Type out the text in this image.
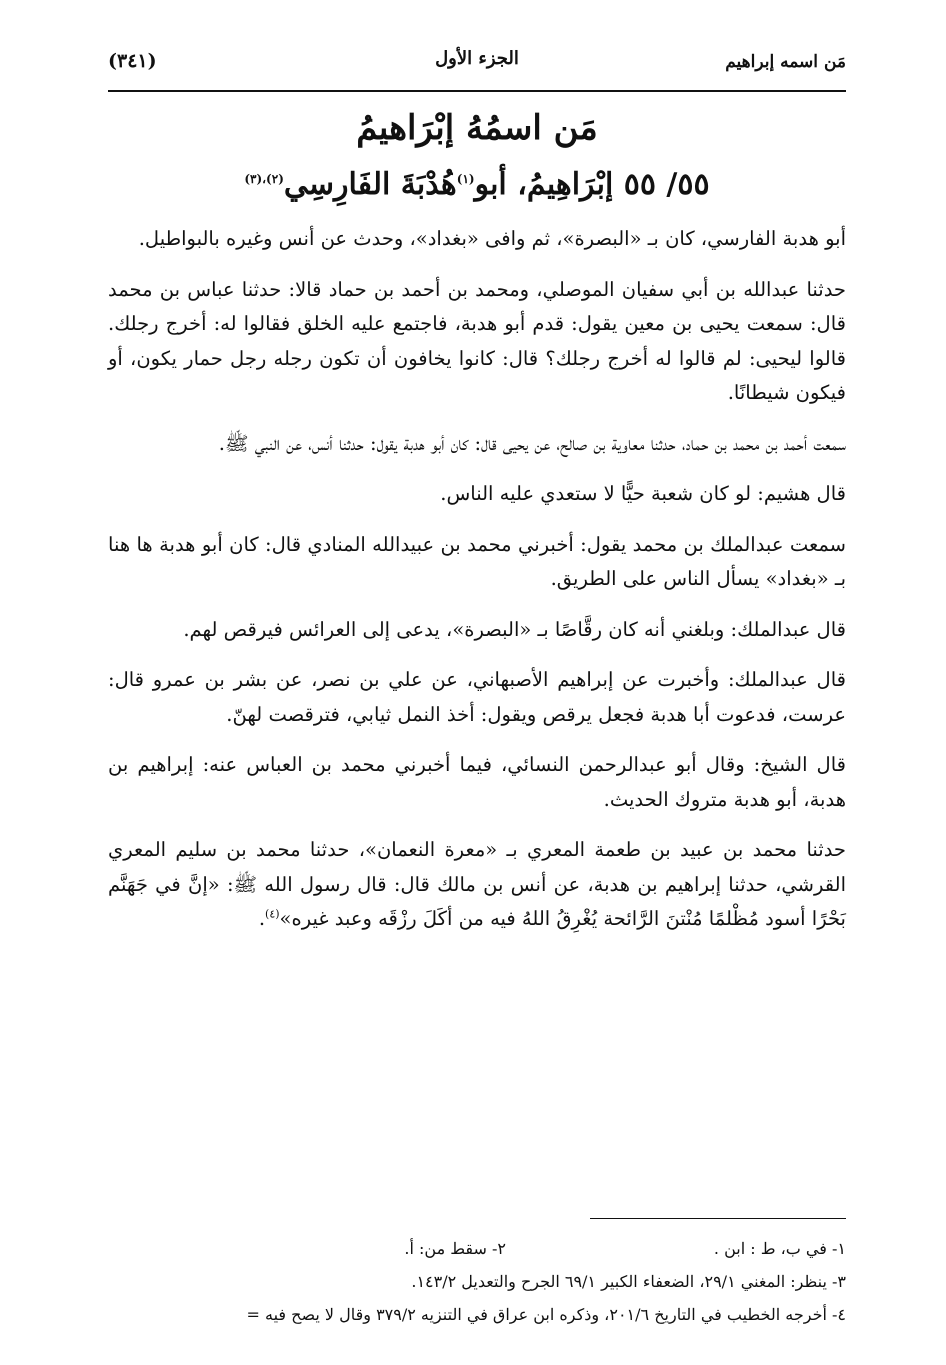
مَن اسمه إبراهيم
الجزء الأول
(٣٤١)
مَن اسمُهُ إبْرَاهيمُ
٥٥/ ٥٥ إبْرَاهِيمُ، أبو$^{(١)}$هُدْبَةَ الفَارِسِي$^{(٢)،(٣)}$

أبو هدبة الفارسي، كان بـ «البصرة»، ثم وافى «بغداد»، وحدث عن أنس وغيره بالبواطيل.

حدثنا عبدالله بن أبي سفيان الموصلي، ومحمد بن أحمد بن حماد قالا: حدثنا عباس بن محمد قال: سمعت يحيى بن معين يقول: قدم أبو هدبة، فاجتمع عليه الخلق فقالوا له: أخرج رجلك. قالوا ليحيى: لم قالوا له أخرج رجلك؟ قال: كانوا يخافون أن تكون رجله رجل حمار يكون، أو فيكون شيطانًا.

سمعت أحمد بن محمد بن حماد، حدثنا معاوية بن صالح، عن يحيى قال: كان أبو هدبة يقول: حدثنا أنس، عن النبي ﷺ.

قال هشيم: لو كان شعبة حيًّا لا ستعدي عليه الناس.

سمعت عبدالملك بن محمد يقول: أخبرني محمد بن عبيدالله المنادي قال: كان أبو هدبة ها هنا بـ «بغداد» يسأل الناس على الطريق.

قال عبدالملك: وبلغني أنه كان رقَّاصًا بـ «البصرة»، يدعى إلى العرائس فيرقص لهم.

قال عبدالملك: وأخبرت عن إبراهيم الأصبهاني، عن علي بن نصر، عن بشر بن عمرو قال: عرست، فدعوت أبا هدبة فجعل يرقص ويقول: أخذ النمل ثيابي، فترقصت لهنّ.

قال الشيخ: وقال أبو عبدالرحمن النسائي، فيما أخبرني محمد بن العباس عنه: إبراهيم بن هدبة، أبو هدبة متروك الحديث.

حدثنا محمد بن عبيد بن طعمة المعري بـ «معرة النعمان»، حدثنا محمد بن سليم المعري القرشي، حدثنا إبراهيم بن هدبة، عن أنس بن مالك قال: قال رسول الله ﷺ: «إنَّ في جَهَنَّم بَحْرًا أسود مُظْلمًا مُنْتنَ الرَّائحة يُغْرِقُ اللهُ فيه من أكَلَ رزْقَه وعبد غيره»$^{(٤)}$.

١- في ب، ط : ابن .
٢- سقط من: أ.
٣- ينظر: المغني ٢٩/١، الضعفاء الكبير ٦٩/١ الجرح والتعديل ١٤٣/٢.
٤- أخرجه الخطيب في التاريخ ٢٠١/٦، وذكره ابن عراق في التنزيه ٣٧٩/٢ وقال لا يصح فيه =
